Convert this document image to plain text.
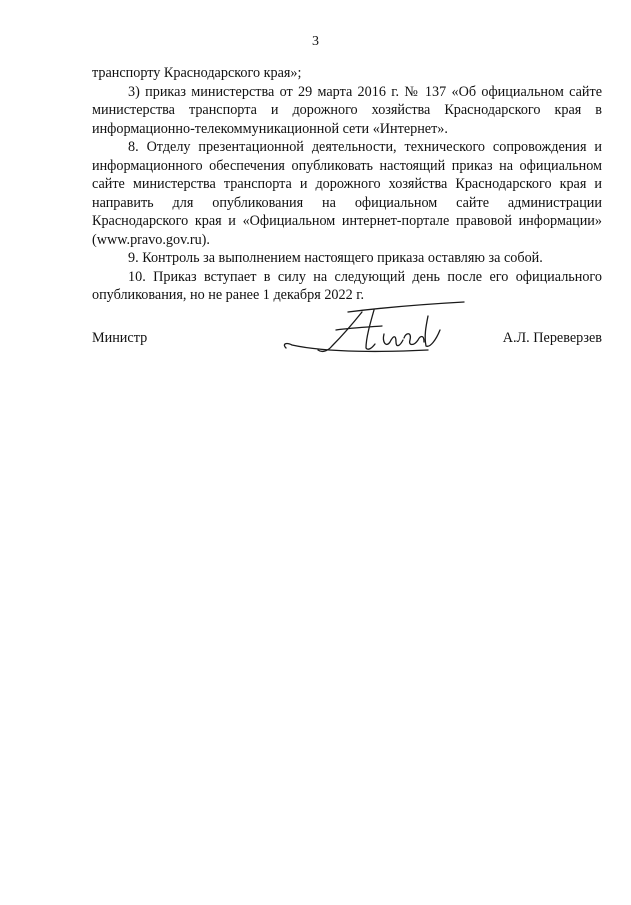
3

транспорту Краснодарского края»;

3) приказ министерства от 29 марта 2016 г. № 137 «Об официальном сайте министерства транспорта и дорожного хозяйства Краснодарского края в информационно-телекоммуникационной сети «Интернет».

8. Отделу презентационной деятельности, технического сопровождения и информационного обеспечения опубликовать настоящий приказ на официальном сайте министерства транспорта и дорожного хозяйства Краснодарского края и направить для опубликования на официальном сайте администрации Краснодарского края и «Официальном интернет-портале правовой информации» (www.pravo.gov.ru).

9. Контроль за выполнением настоящего приказа оставляю за собой.

10. Приказ вступает в силу на следующий день после его официального опубликования, но не ранее 1 декабря 2022 г.

Министр	А.Л. Переверзев
